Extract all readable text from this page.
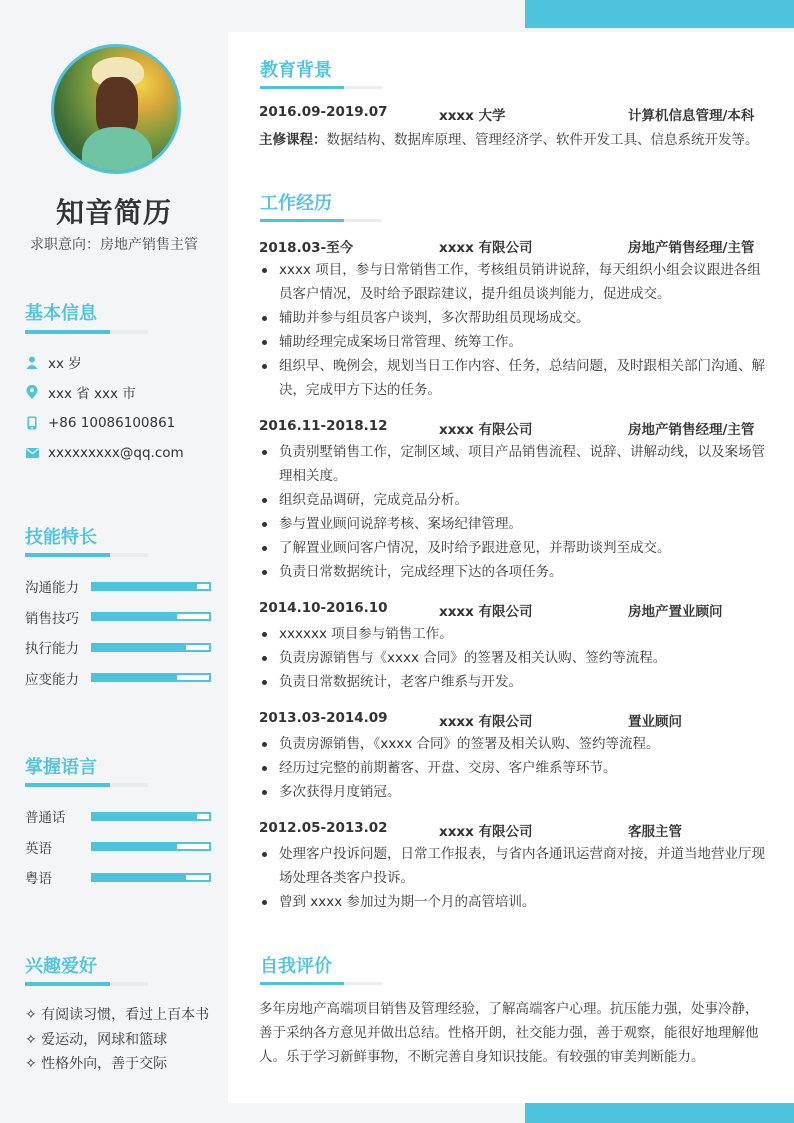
知音简历
求职意向：房地产销售主管
基本信息
xx 岁
xxx 省 xxx 市
+86 10086100861
xxxxxxxxx@qq.com
技能特长
沟通能力
销售技巧
执行能力
应变能力
掌握语言
普通话
英语
粤语
兴趣爱好
✧ 有阅读习惯，看过上百本书
✧ 爱运动，网球和篮球
✧ 性格外向，善于交际
教育背景
2016.09-2019.07	xxxx 大学	计算机信息管理/本科
主修课程：数据结构、数据库原理、管理经济学、软件开发工具、信息系统开发等。
工作经历
2018.03-至今	xxxx 有限公司	房地产销售经理/主管
xxxx 项目，参与日常销售工作，考核组员销讲说辞，每天组织小组会议跟进各组员客户情况，及时给予跟踪建议，提升组员谈判能力，促进成交。
辅助并参与组员客户谈判，多次帮助组员现场成交。
辅助经理完成案场日常管理、统筹工作。
组织早、晚例会，规划当日工作内容、任务，总结问题，及时跟相关部门沟通、解决，完成甲方下达的任务。
2016.11-2018.12	xxxx 有限公司	房地产销售经理/主管
负责别墅销售工作，定制区域、项目产品销售流程、说辞、讲解动线，以及案场管理相关度。
组织竞品调研，完成竞品分析。
参与置业顾问说辞考核、案场纪律管理。
了解置业顾问客户情况，及时给予跟进意见，并帮助谈判至成交。
负责日常数据统计，完成经理下达的各项任务。
2014.10-2016.10	xxxx 有限公司	房地产置业顾问
xxxxxx 项目参与销售工作。
负责房源销售与《xxxx 合同》的签署及相关认购、签约等流程。
负责日常数据统计，老客户维系与开发。
2013.03-2014.09	xxxx 有限公司	置业顾问
负责房源销售，《xxxx 合同》的签署及相关认购、签约等流程。
经历过完整的前期蓄客、开盘、交房、客户维系等环节。
多次获得月度销冠。
2012.05-2013.02	xxxx 有限公司	客服主管
处理客户投诉问题，日常工作报表，与省内各通讯运营商对接，并道当地营业厅现场处理各类客户投诉。
曾到 xxxx 参加过为期一个月的高管培训。
自我评价
多年房地产高端项目销售及管理经验，了解高端客户心理。抗压能力强，处事冷静，善于采纳各方意见并做出总结。性格开朗，社交能力强，善于观察，能很好地理解他人。乐于学习新鲜事物，不断完善自身知识技能。有较强的审美判断能力。
